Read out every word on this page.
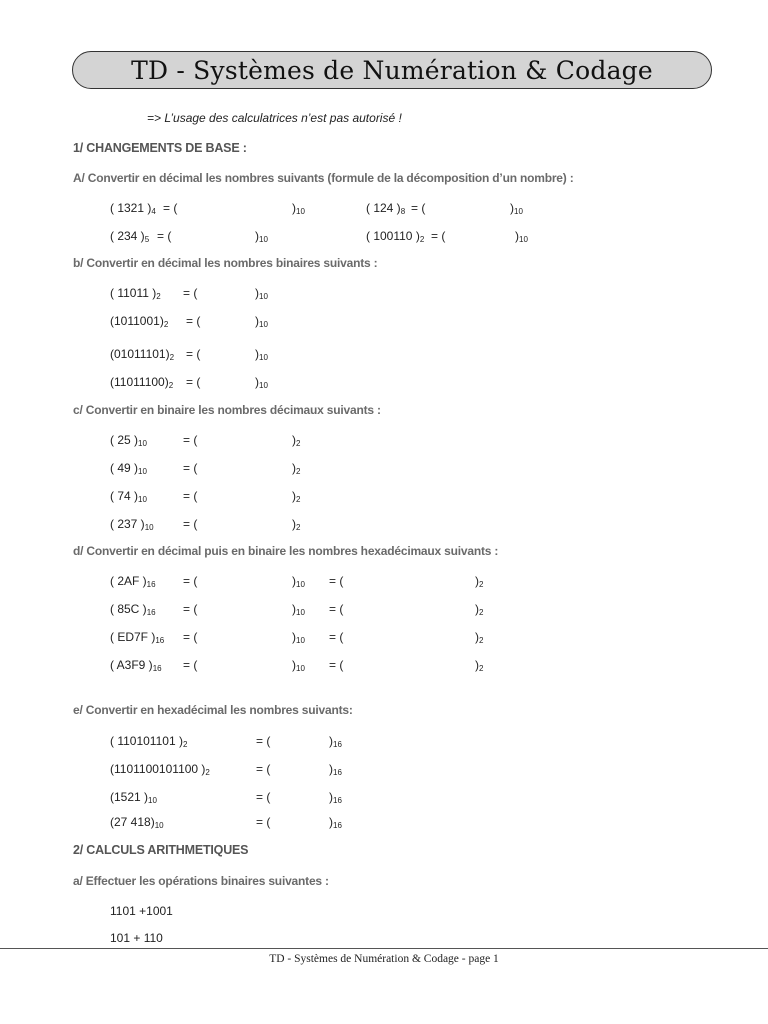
TD - Systèmes de Numération & Codage
=> L’usage des calculatrices n’est pas autorisé !
1/ CHANGEMENTS DE BASE :
A/ Convertir en décimal les nombres suivants (formule de la décomposition d’un nombre) :
( 1321 )$_4$ = (	)$_{10}$	( 124 )$_8$ = (	)$_{10}$
( 234 )$_5$ = (	)$_{10}$	( 100110 )$_2$ = (	)$_{10}$
b/ Convertir en décimal les nombres binaires suivants :
( 11011 )$_2$ = (	)$_{10}$
$(1011001)_2$ = (	)$_{10}$
$(01011101)_2$ = (	)$_{10}$
$(11011100)_2$ = (	)$_{10}$
c/ Convertir en binaire les nombres décimaux suivants :
( 25 )$_{10}$	= (	)$_2$
( 49 )$_{10}$	= (	)$_2$
( 74 )$_{10}$	= (	)$_2$
( 237 )$_{10}$ = (	)$_2$
d/ Convertir en décimal puis en binaire les nombres hexadécimaux suivants :
( 2AF )$_{16}$ = (	)$_{10}$ = (	)$_2$
( 85C )$_{16}$ = (	)$_{10}$ = (	)$_2$
( ED7F )$_{16}$ = (	)$_{10}$ = (	)$_2$
( A3F9 )$_{16}$ = (	)$_{10}$ = (	)$_2$
e/ Convertir en hexadécimal les nombres suivants:
( 110101101 )$_2$	= (	)$_{16}$
(1101100101100 )$_2$	= (	)$_{16}$
(1521 )$_{10}$	= (	)$_{16}$
(27 $418)_{10}$	= (	)$_{16}$
2/ CALCULS ARITHMETIQUES
a/ Effectuer les opérations binaires suivantes :
1101 +1001
101 + 110
TD - Systèmes de Numération & Codage - page 1
